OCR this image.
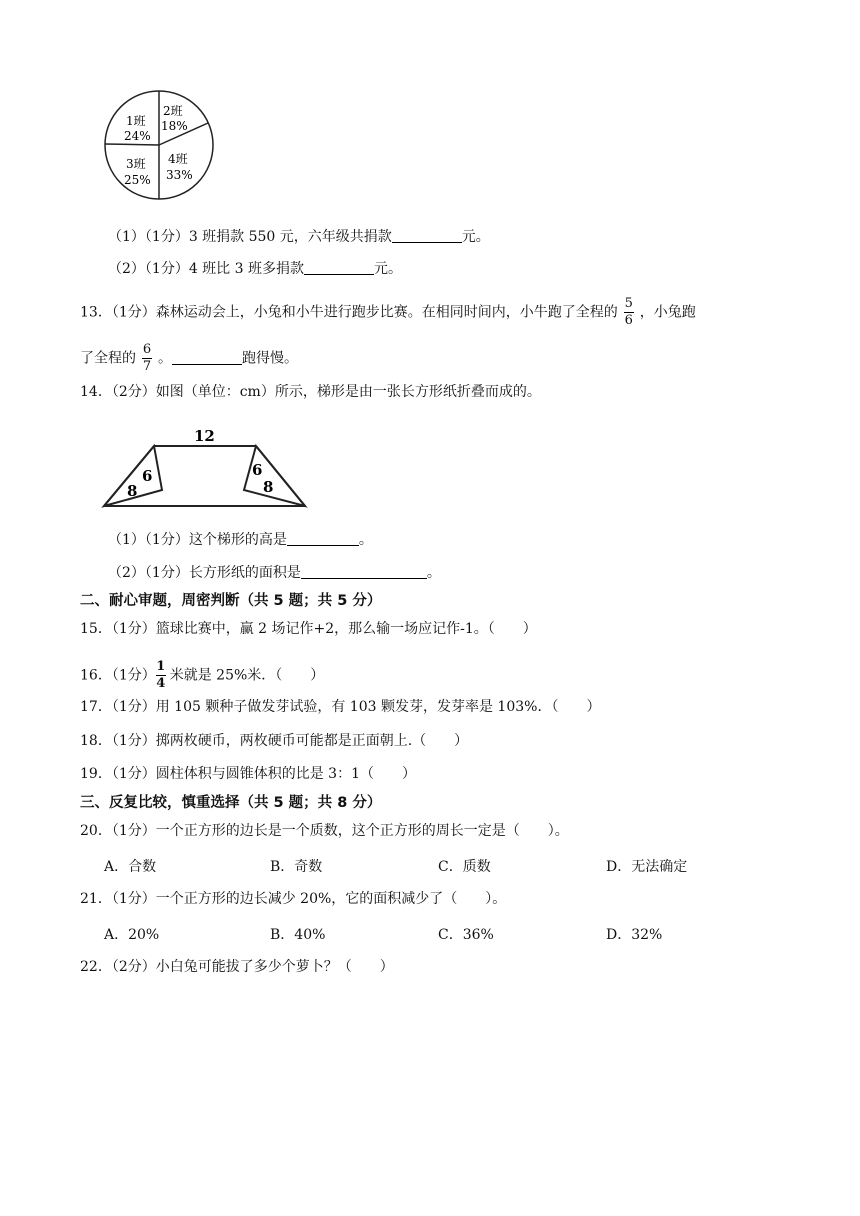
1班
24%
2班
18%
3班
25%
4班
33%
（1）（1分）3 班捐款 550 元，六年级共捐款	元。
（2）（1分）4 班比 3 班多捐款	元。
13．（1分）森林运动会上，小兔和小牛进行跑步比赛。在相同时间内，小牛跑了全程的 $\frac{5}{6}$ ，小兔跑
了全程的 $\frac{6}{7}$ 。	跑得慢。
14．（2分）如图（单位：cm）所示，梯形是由一张长方形纸折叠而成的。
12
6
8
6
8
（1）（1分）这个梯形的高是	。
（2）（1分）长方形纸的面积是	。
二、耐心审题，周密判断（共 5 题；共 5 分）
15．（1分）篮球比赛中，赢 2 场记作+2，那么输一场应记作-1。（　　）
16．（1分） $\frac{1}{4}$ 米就是 25%米．（　　）
17．（1分）用 105 颗种子做发芽试验，有 103 颗发芽，发芽率是 103%．（　　）
18．（1分）掷两枚硬币，两枚硬币可能都是正面朝上.（　　）
19．（1分）圆柱体积与圆锥体积的比是 3：1（　　）
三、反复比较，慎重选择（共 5 题；共 8 分）
20．（1分）一个正方形的边长是一个质数，这个正方形的周长一定是（　　）。
A．合数	B．奇数	C．质数	D．无法确定
21．（1分）一个正方形的边长减少 20%，它的面积减少了（　　）。
A．20%	B．40%	C．36%	D．32%
22．（2分）小白兔可能拔了多少个萝卜？（　　）
